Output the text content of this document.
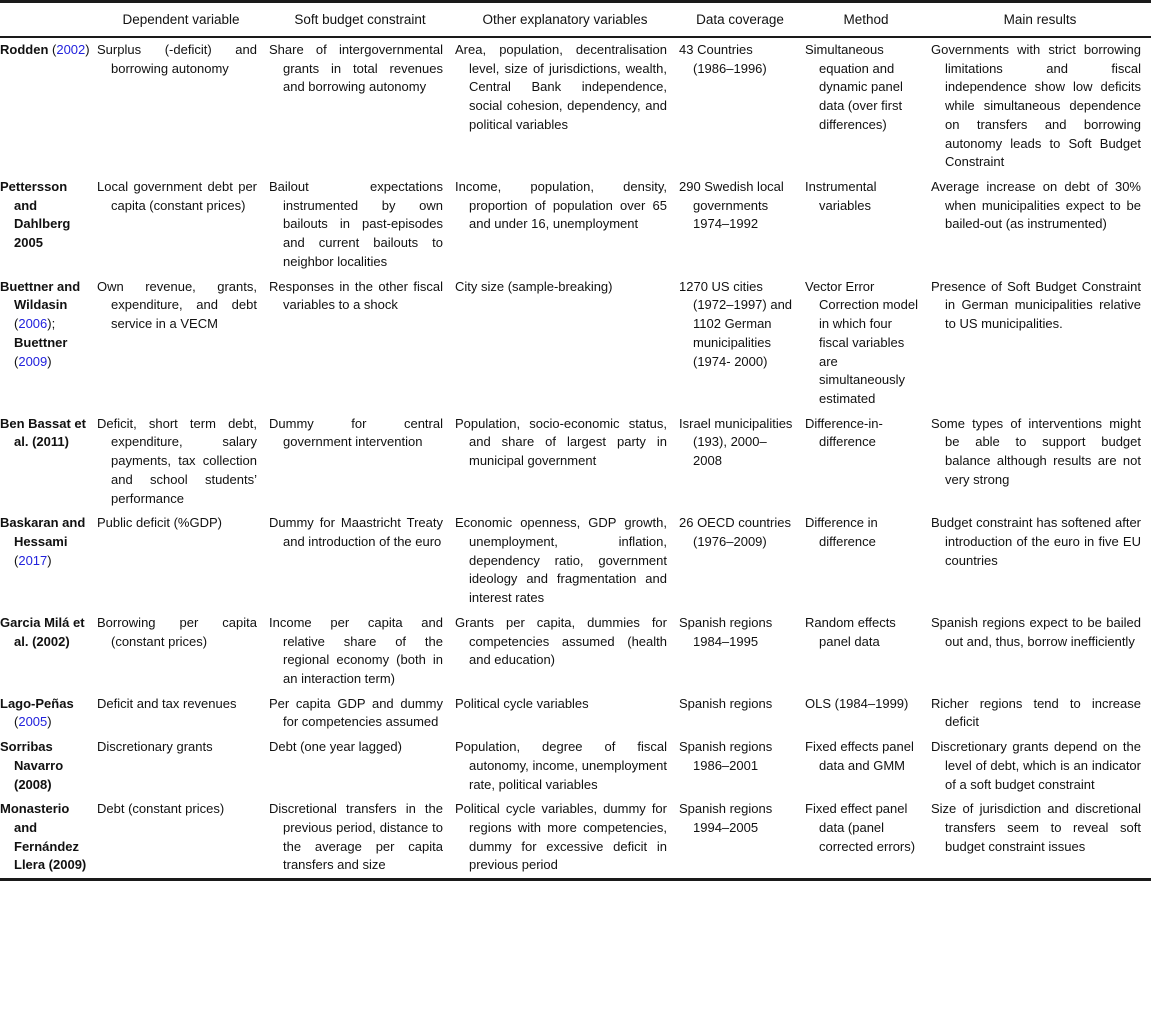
	Dependent variable	Soft budget constraint	Other explanatory variables	Data coverage	Method	Main results
Rodden (2002)	Surplus (-deficit) and borrowing autonomy	Share of intergovernmental grants in total revenues and borrowing autonomy	Area, population, decentralisation level, size of jurisdictions, wealth, Central Bank independence, social cohesion, dependency, and political variables	43 Countries (1986–1996)	Simultaneous equation and dynamic panel data (over first differences)	Governments with strict borrowing limitations and fiscal independence show low deficits while simultaneous dependence on transfers and borrowing autonomy leads to Soft Budget Constraint
Pettersson and Dahlberg 2005	Local government debt per capita (constant prices)	Bailout expectations instrumented by own bailouts in past-episodes and current bailouts to neighbor localities	Income, population, density, proportion of population over 65 and under 16, unemployment	290 Swedish local governments 1974–1992	Instrumental variables	Average increase on debt of 30% when municipalities expect to be bailed-out (as instrumented)
Buettner and Wildasin (2006); Buettner (2009)	Own revenue, grants, expenditure, and debt service in a VECM	Responses in the other fiscal variables to a shock	City size (sample-breaking)	1270 US cities (1972–1997) and 1102 German municipalities (1974- 2000)	Vector Error Correction model in which four fiscal variables are simultaneously estimated	Presence of Soft Budget Constraint in German municipalities relative to US municipalities.
Ben Bassat et al. (2011)	Deficit, short term debt, expenditure, salary payments, tax collection and school students’ performance	Dummy for central government intervention	Population, socio-economic status, and share of largest party in municipal government	Israel municipalities (193), 2000–2008	Difference-in-difference	Some types of interventions might be able to support budget balance although results are not very strong
Baskaran and Hessami (2017)	Public deficit (%GDP)	Dummy for Maastricht Treaty and introduction of the euro	Economic openness, GDP growth, unemployment, inflation, dependency ratio, government ideology and fragmentation and interest rates	26 OECD countries (1976–2009)	Difference in difference	Budget constraint has softened after introduction of the euro in five EU countries
Garcia Milá et al. (2002)	Borrowing per capita (constant prices)	Income per capita and relative share of the regional economy (both in an interaction term)	Grants per capita, dummies for competencies assumed (health and education)	Spanish regions 1984–1995	Random effects panel data	Spanish regions expect to be bailed out and, thus, borrow inefficiently
Lago-Peñas (2005)	Deficit and tax revenues	Per capita GDP and dummy for competencies assumed	Political cycle variables	Spanish regions	OLS (1984–1999)	Richer regions tend to increase deficit
Sorribas Navarro (2008)	Discretionary grants	Debt (one year lagged)	Population, degree of fiscal autonomy, income, unemployment rate, political variables	Spanish regions 1986–2001	Fixed effects panel data and GMM	Discretionary grants depend on the level of debt, which is an indicator of a soft budget constraint
Monasterio and Fernández Llera (2009)	Debt (constant prices)	Discretional transfers in the previous period, distance to the average per capita transfers and size	Political cycle variables, dummy for regions with more competencies, dummy for excessive deficit in previous period	Spanish regions 1994–2005	Fixed effect panel data (panel corrected errors)	Size of jurisdiction and discretional transfers seem to reveal soft budget constraint issues
